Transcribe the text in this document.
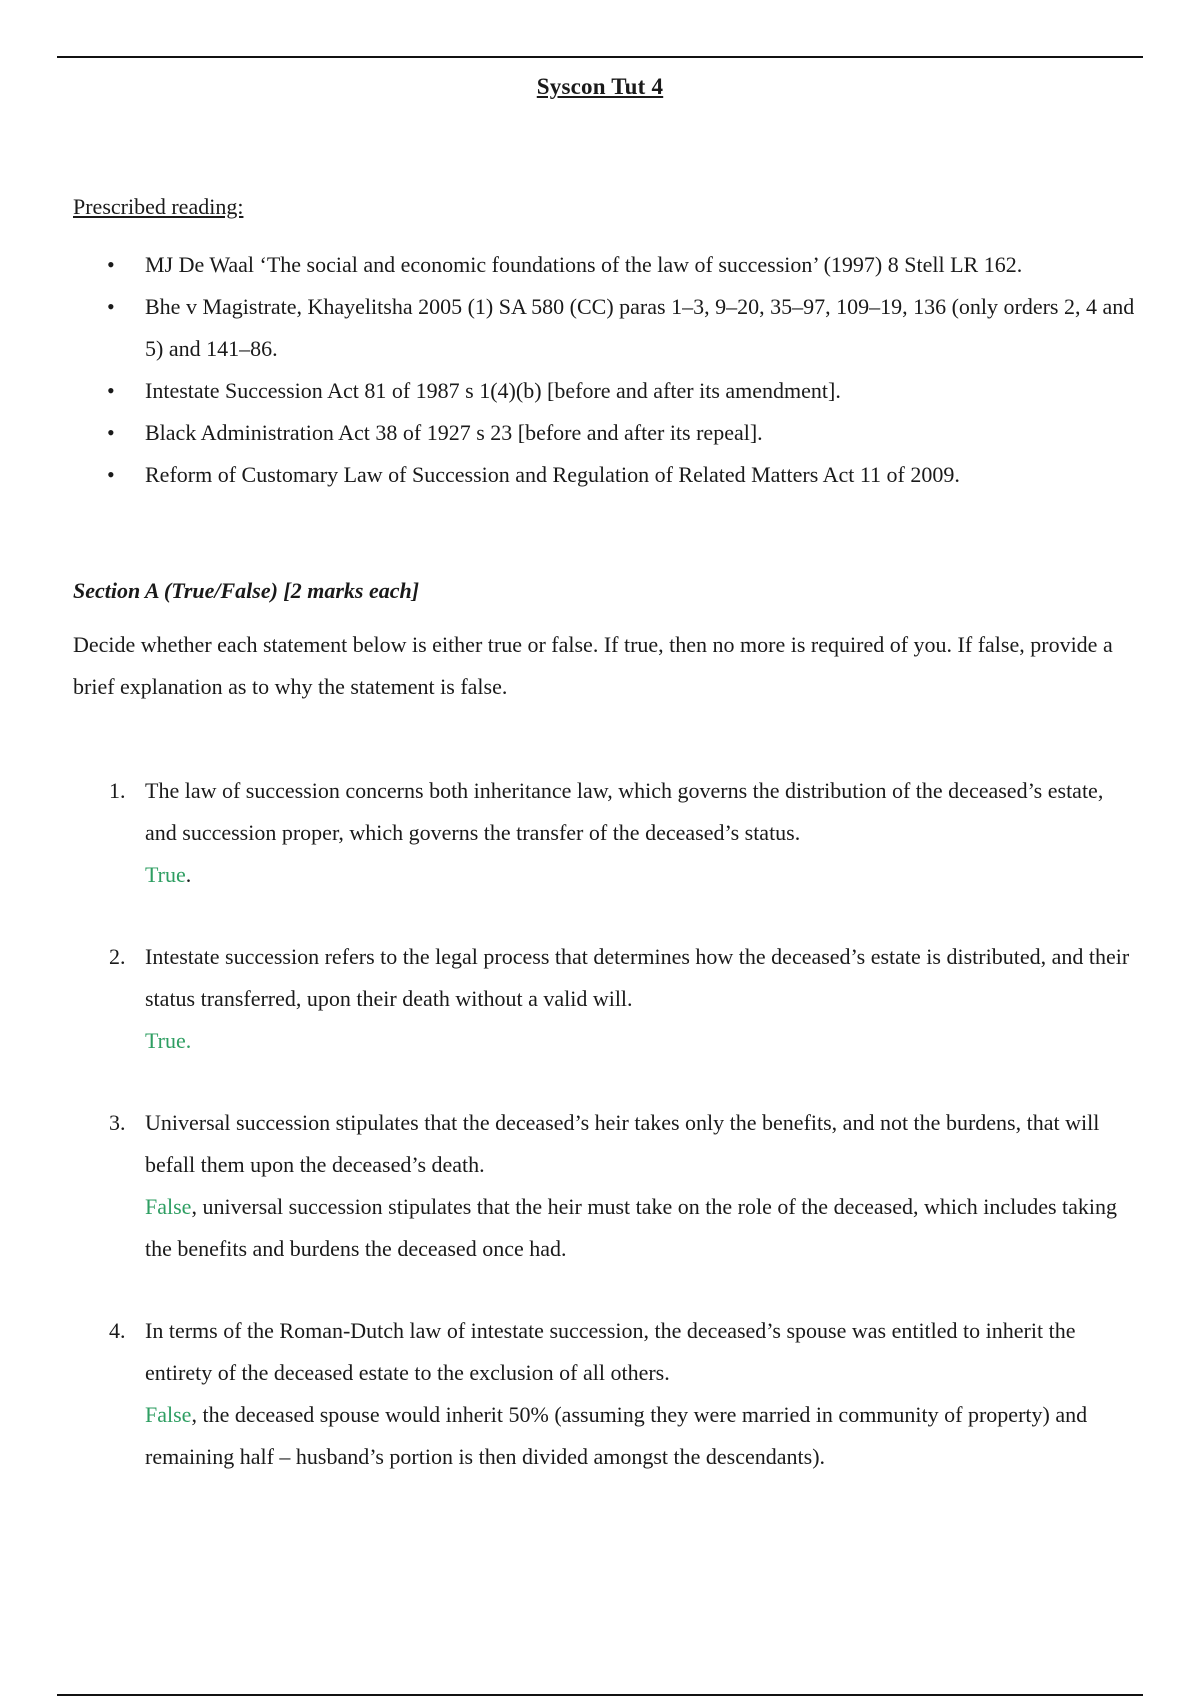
Syscon Tut 4

Prescribed reading:

• MJ De Waal ‘The social and economic foundations of the law of succession’ (1997) 8 Stell LR 162.
• Bhe v Magistrate, Khayelitsha 2005 (1) SA 580 (CC) paras 1–3, 9–20, 35–97, 109–19, 136 (only orders 2, 4 and 5) and 141–86.
• Intestate Succession Act 81 of 1987 s 1(4)(b) [before and after its amendment].
• Black Administration Act 38 of 1927 s 23 [before and after its repeal].
• Reform of Customary Law of Succession and Regulation of Related Matters Act 11 of 2009.

Section A (True/False) [2 marks each]

Decide whether each statement below is either true or false. If true, then no more is required of you. If false, provide a brief explanation as to why the statement is false.

1. The law of succession concerns both inheritance law, which governs the distribution of the deceased’s estate, and succession proper, which governs the transfer of the deceased’s status.
True.
2. Intestate succession refers to the legal process that determines how the deceased’s estate is distributed, and their status transferred, upon their death without a valid will.
True.
3. Universal succession stipulates that the deceased’s heir takes only the benefits, and not the burdens, that will befall them upon the deceased’s death.
False, universal succession stipulates that the heir must take on the role of the deceased, which includes taking the benefits and burdens the deceased once had.
4. In terms of the Roman-Dutch law of intestate succession, the deceased’s spouse was entitled to inherit the entirety of the deceased estate to the exclusion of all others.
False, the deceased spouse would inherit 50% (assuming they were married in community of property) and remaining half – husband’s portion is then divided amongst the descendants).
